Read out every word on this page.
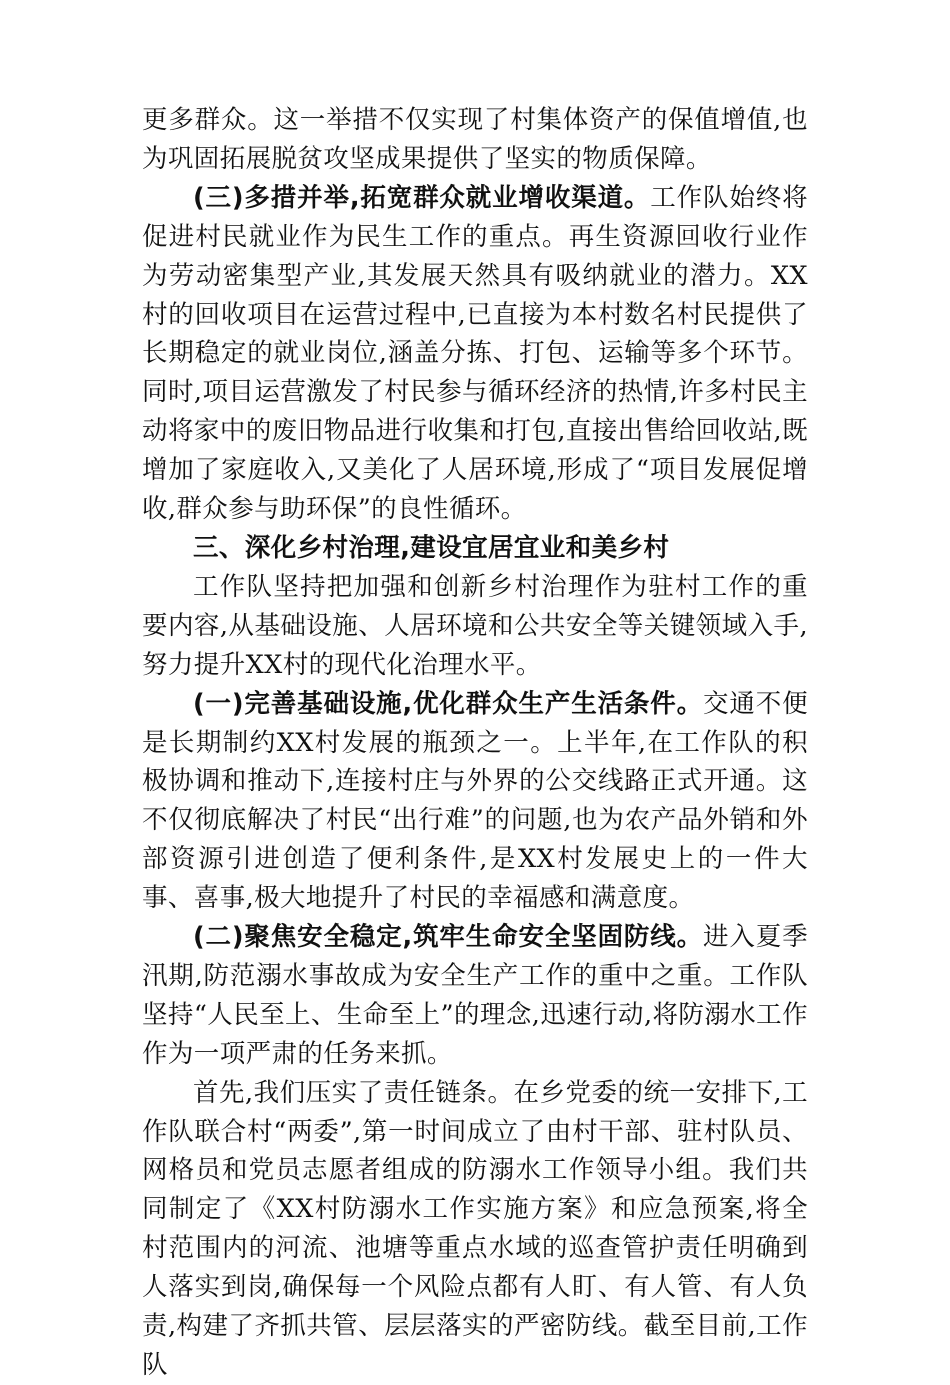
更多群众。这一举措不仅实现了村集体资产的保值增值,也为巩固拓展脱贫攻坚成果提供了坚实的物质保障。

(三)多措并举,拓宽群众就业增收渠道。工作队始终将促进村民就业作为民生工作的重点。再生资源回收行业作为劳动密集型产业,其发展天然具有吸纳就业的潜力。XX村的回收项目在运营过程中,已直接为本村数名村民提供了长期稳定的就业岗位,涵盖分拣、打包、运输等多个环节。同时,项目运营激发了村民参与循环经济的热情,许多村民主动将家中的废旧物品进行收集和打包,直接出售给回收站,既增加了家庭收入,又美化了人居环境,形成了“项目发展促增收,群众参与助环保”的良性循环。

三、深化乡村治理,建设宜居宜业和美乡村

工作队坚持把加强和创新乡村治理作为驻村工作的重要内容,从基础设施、人居环境和公共安全等关键领域入手,努力提升XX村的现代化治理水平。

(一)完善基础设施,优化群众生产生活条件。交通不便是长期制约XX村发展的瓶颈之一。上半年,在工作队的积极协调和推动下,连接村庄与外界的公交线路正式开通。这不仅彻底解决了村民“出行难”的问题,也为农产品外销和外部资源引进创造了便利条件,是XX村发展史上的一件大事、喜事,极大地提升了村民的幸福感和满意度。

(二)聚焦安全稳定,筑牢生命安全坚固防线。进入夏季汛期,防范溺水事故成为安全生产工作的重中之重。工作队坚持“人民至上、生命至上”的理念,迅速行动,将防溺水工作作为一项严肃的任务来抓。

首先,我们压实了责任链条。在乡党委的统一安排下,工作队联合村“两委”,第一时间成立了由村干部、驻村队员、网格员和党员志愿者组成的防溺水工作领导小组。我们共同制定了《XX村防溺水工作实施方案》和应急预案,将全村范围内的河流、池塘等重点水域的巡查管护责任明确到人落实到岗,确保每一个风险点都有人盯、有人管、有人负责,构建了齐抓共管、层层落实的严密防线。截至目前,工作队
